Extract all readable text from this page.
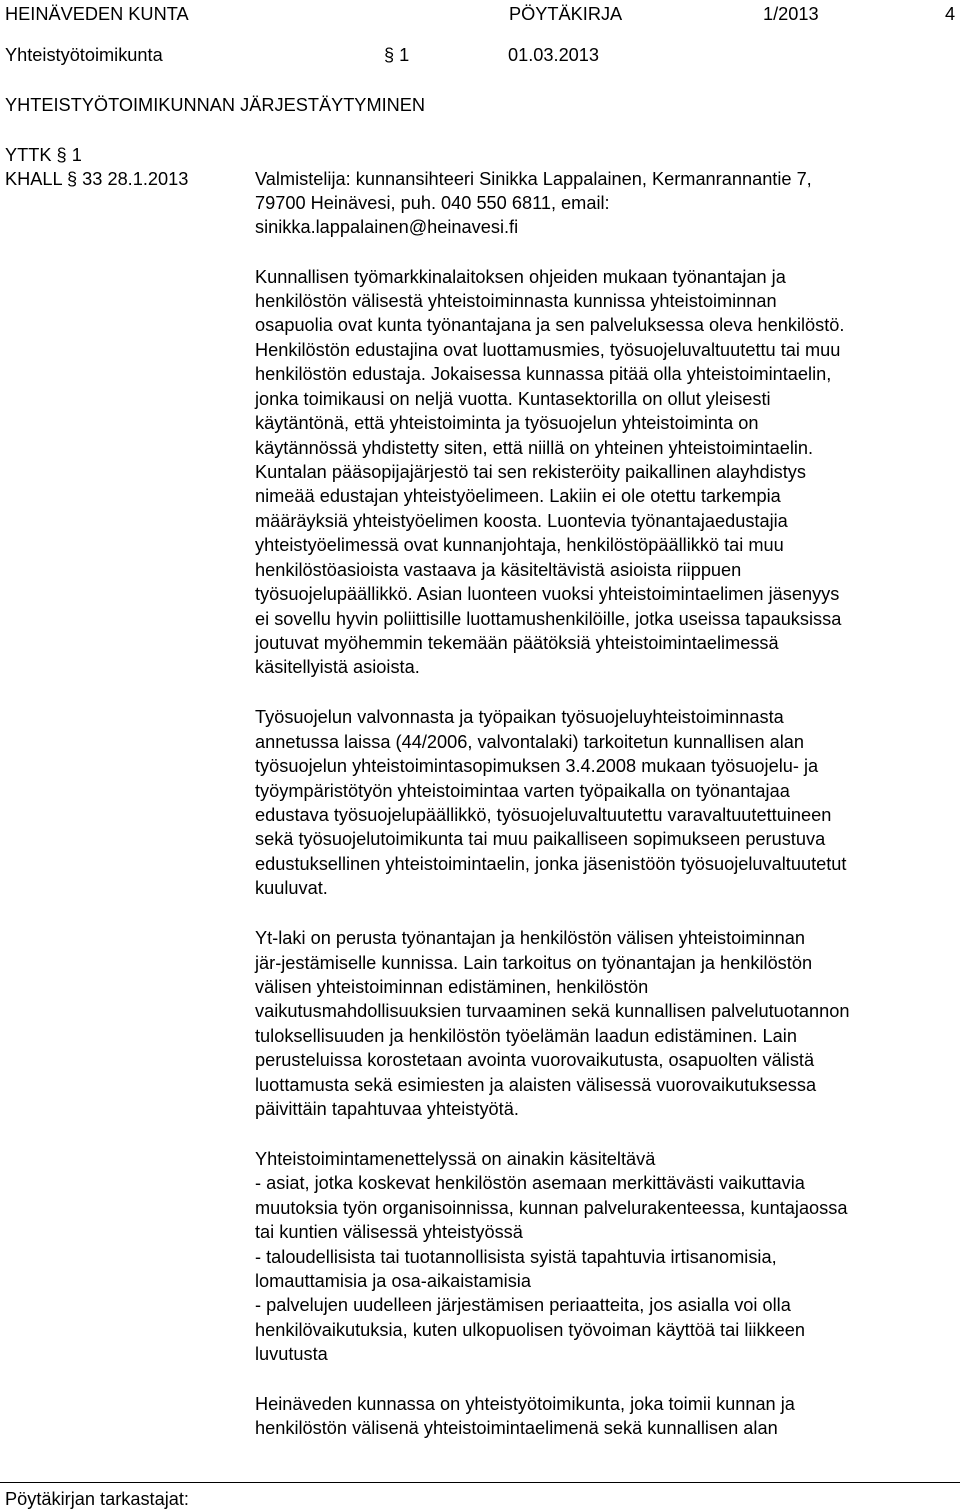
HEINÄVEDEN KUNTA	PÖYTÄKIRJA	1/2013	4
Yhteistyötoimikunta	§ 1	01.03.2013
YHTEISTYÖTOIMIKUNNAN JÄRJESTÄYTYMINEN
YTTK § 1
KHALL § 33 28.1.2013	Valmistelija: kunnansihteeri Sinikka Lappalainen, Kermanrannantie 7,
79700 Heinävesi, puh. 040 550 6811, email:
sinikka.lappalainen@heinavesi.fi
Kunnallisen työmarkkinalaitoksen ohjeiden mukaan työnantajan ja
henkilöstön välisestä yhteistoiminnasta kunnissa yhteistoiminnan
osapuolia ovat kunta työnantajana ja sen palveluksessa oleva henkilöstö.
Henkilöstön edustajina ovat luottamusmies, työsuojeluvaltuutettu tai muu
henkilöstön edustaja. Jokaisessa kunnassa pitää olla yhteistoimintaelin,
jonka toimikausi on neljä vuotta. Kuntasektorilla on ollut yleisesti
käytäntönä, että yhteistoiminta ja työsuojelun yhteistoiminta on
käytännössä yhdistetty siten, että niillä on yhteinen yhteistoimintaelin.
Kuntalan pääsopijajärjestö tai sen rekisteröity paikallinen alayhdistys
nimeää edustajan yhteistyöelimeen. Lakiin ei ole otettu tarkempia
määräyksiä yhteistyöelimen koosta. Luontevia työnantajaedustajia
yhteistyöelimessä ovat kunnanjohtaja, henkilöstöpäällikkö tai muu
henkilöstöasioista vastaava ja käsiteltävistä asioista riippuen
työsuojelupäällikkö. Asian luonteen vuoksi yhteistoimintaelimen jäsenyys
ei sovellu hyvin poliittisille luottamushenkilöille, jotka useissa tapauksissa
joutuvat myöhemmin tekemään päätöksiä yhteistoimintaelimessä
käsitellyistä asioista.
Työsuojelun valvonnasta ja työpaikan työsuojeluyhteistoiminnasta
annetussa laissa (44/2006, valvontalaki) tarkoitetun kunnallisen alan
työsuojelun yhteistoimintasopimuksen 3.4.2008 mukaan työsuojelu- ja
työympäristötyön yhteistoimintaa varten työpaikalla on työnantajaa
edustava työsuojelupäällikkö, työsuojeluvaltuutettu varavaltuutettuineen
sekä työsuojelutoimikunta tai muu paikalliseen sopimukseen perustuva
edustuksellinen yhteistoimintaelin, jonka jäsenistöön työsuojeluvaltuutetut
kuuluvat.
Yt-laki on perusta työnantajan ja henkilöstön välisen yhteistoiminnan
jär-jestämiselle kunnissa. Lain tarkoitus on työnantajan ja henkilöstön
välisen yhteistoiminnan edistäminen, henkilöstön
vaikutusmahdollisuuksien turvaaminen sekä kunnallisen palvelutuotannon
tuloksellisuuden ja henkilöstön työelämän laadun edistäminen. Lain
perusteluissa korostetaan avointa vuorovaikutusta, osapuolten välistä
luottamusta sekä esimiesten ja alaisten välisessä vuorovaikutuksessa
päivittäin tapahtuvaa yhteistyötä.
Yhteistoimintamenettelyssä on ainakin käsiteltävä
- asiat, jotka koskevat henkilöstön asemaan merkittävästi vaikuttavia
muutoksia työn organisoinnissa, kunnan palvelurakenteessa, kuntajaossa
tai kuntien välisessä yhteistyössä
- taloudellisista tai tuotannollisista syistä tapahtuvia irtisanomisia,
lomauttamisia ja osa-aikaistamisia
- palvelujen uudelleen järjestämisen periaatteita, jos asialla voi olla
henkilövaikutuksia, kuten ulkopuolisen työvoiman käyttöä tai liikkeen
luvutusta
Heinäveden kunnassa on yhteistyötoimikunta, joka toimii kunnan ja
henkilöstön välisenä yhteistoimintaelimenä sekä kunnallisen alan
Pöytäkirjan tarkastajat:
